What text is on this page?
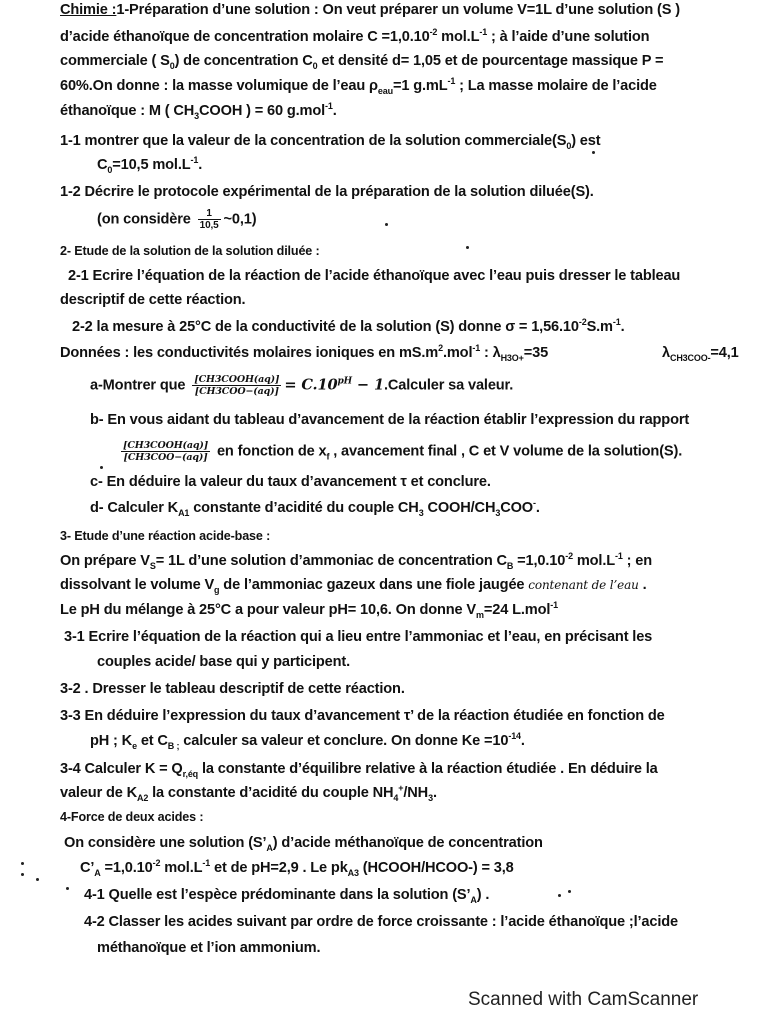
Chimie :1-Préparation d’une solution : On veut préparer un volume V=1L d’une solution (S )
d’acide éthanoïque de concentration molaire $C =1,0.10^{-2}$ $mol.L^{-1}$ ; à l’aide d’une solution
commerciale ( $S_0$) de concentration $C_0$ et densité d= 1,05 et de pourcentage massique P =
60%.On donne : la masse volumique de l’eau $\rho_{eau}=1$ $g.mL^{-1}$ ; La masse molaire de l’acide
éthanoïque : M ( $CH_3COOH$ ) = 60 g.mol$^{-1}$.
1-1 montrer que la valeur de la concentration de la solution $commerciale(S_0)$ est
$C_0=10,5$ $mol.L^{-1}$.
1-2 Décrire le protocole expérimental de la préparation de la solution diluée(S).
(on considère $\frac{1}{10,5}$ ~0,1)
2- Etude de la solution de la solution diluée :
2-1 Ecrire l’équation de la réaction de l’acide éthanoïque avec l’eau puis dresser le tableau
descriptif de cette réaction.
2-2 la mesure à 25°C de la conductivité de la solution (S) donne $\sigma = 1,56.10^{-2}S.m^{-1}$.
Données : les conductivités molaires ioniques en $mS.m^2.mol^{-1}$ : $\lambda_{H3O+}=35$	$\lambda_{CH3COO-}=4,1$
a-Montrer que $\frac{\text{[CH3COOH(aq)]}}{\text{[CH3COO−(aq)]}} = C.10^{pH}$ − 1.Calculer sa valeur.
b- En vous aidant du tableau d’avancement de la réaction établir l’expression du rapport
$\frac{\text{[CH3COOH(aq)]}}{\text{[CH3COO−(aq)]}}$ en fonction de $x_f$ , avancement final , C et V volume de la solution(S).
c- En déduire la valeur du taux d’avancement τ et conclure.
d- Calculer $K_{A1}$ constante d’acidité du couple $CH_3$ COOH/$CH_3COO^-$.
3- Etude d’une réaction acide-base :
On prépare $V_S= 1L$ d’une solution d’ammoniac de concentration $C_B =1,0.10^{-2}$ $mol.L^{-1}$ ; en
dissolvant le volume $V_g$ de l’ammoniac gazeux dans une fiole jaugée contenant de l’eau .
Le pH du mélange à 25°C a pour valeur pH= 10,6. On donne $V_m=24$ L.mol$^{-1}$
3-1 Ecrire l’équation de la réaction qui a lieu entre l’ammoniac et l’eau, en précisant les
couples acide/ base qui y participent.
3-2 . Dresser le tableau descriptif de cette réaction.
3-3 En déduire l’expression du taux d’avancement τ’ de la réaction étudiée en fonction de
pH ; $K_e$ et $C_{B ;}$ calculer sa valeur et conclure. On donne $Ke =10^{-14}$.
3-4 Calculer $K = Q_{r,éq}$ la constante d’équilibre relative à la réaction étudiée . En déduire la
valeur de $K_{A2}$ la constante d’acidité du couple $NH_4^+/NH_3$.
4-Force de deux acides :
On considère une solution $(S’_A)$ d’acide méthanoïque de concentration
$C’_A =1,0.10^{-2}$ $mol.L^{-1}$ et de pH=2,9 . Le $pk_{A3}$ (HCOOH/HCOO-) = 3,8
4-1 Quelle est l’espèce prédominante dans la solution $(S’_A)$ .
4-2 Classer les acides suivant par ordre de force croissante : l’acide éthanoïque ;l’acide
méthanoïque et l’ion ammonium.
Scanned with CamScanner
